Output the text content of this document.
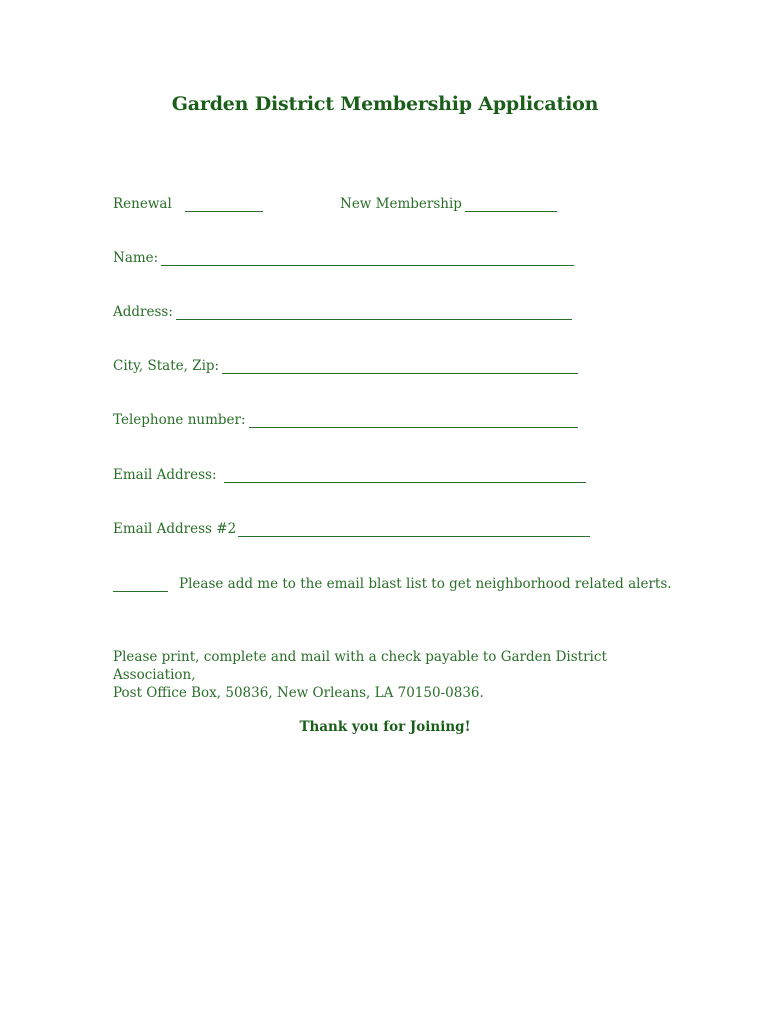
Garden District Membership Application
Renewal	New Membership
Name:
Address:
City, State, Zip:
Telephone number:
Email Address:
Email Address #2
Please add me to the email blast list to get neighborhood related alerts.
Please print, complete and mail with a check payable to Garden District Association,
Post Office Box, 50836, New Orleans, LA 70150-0836.
Thank you for Joining!
